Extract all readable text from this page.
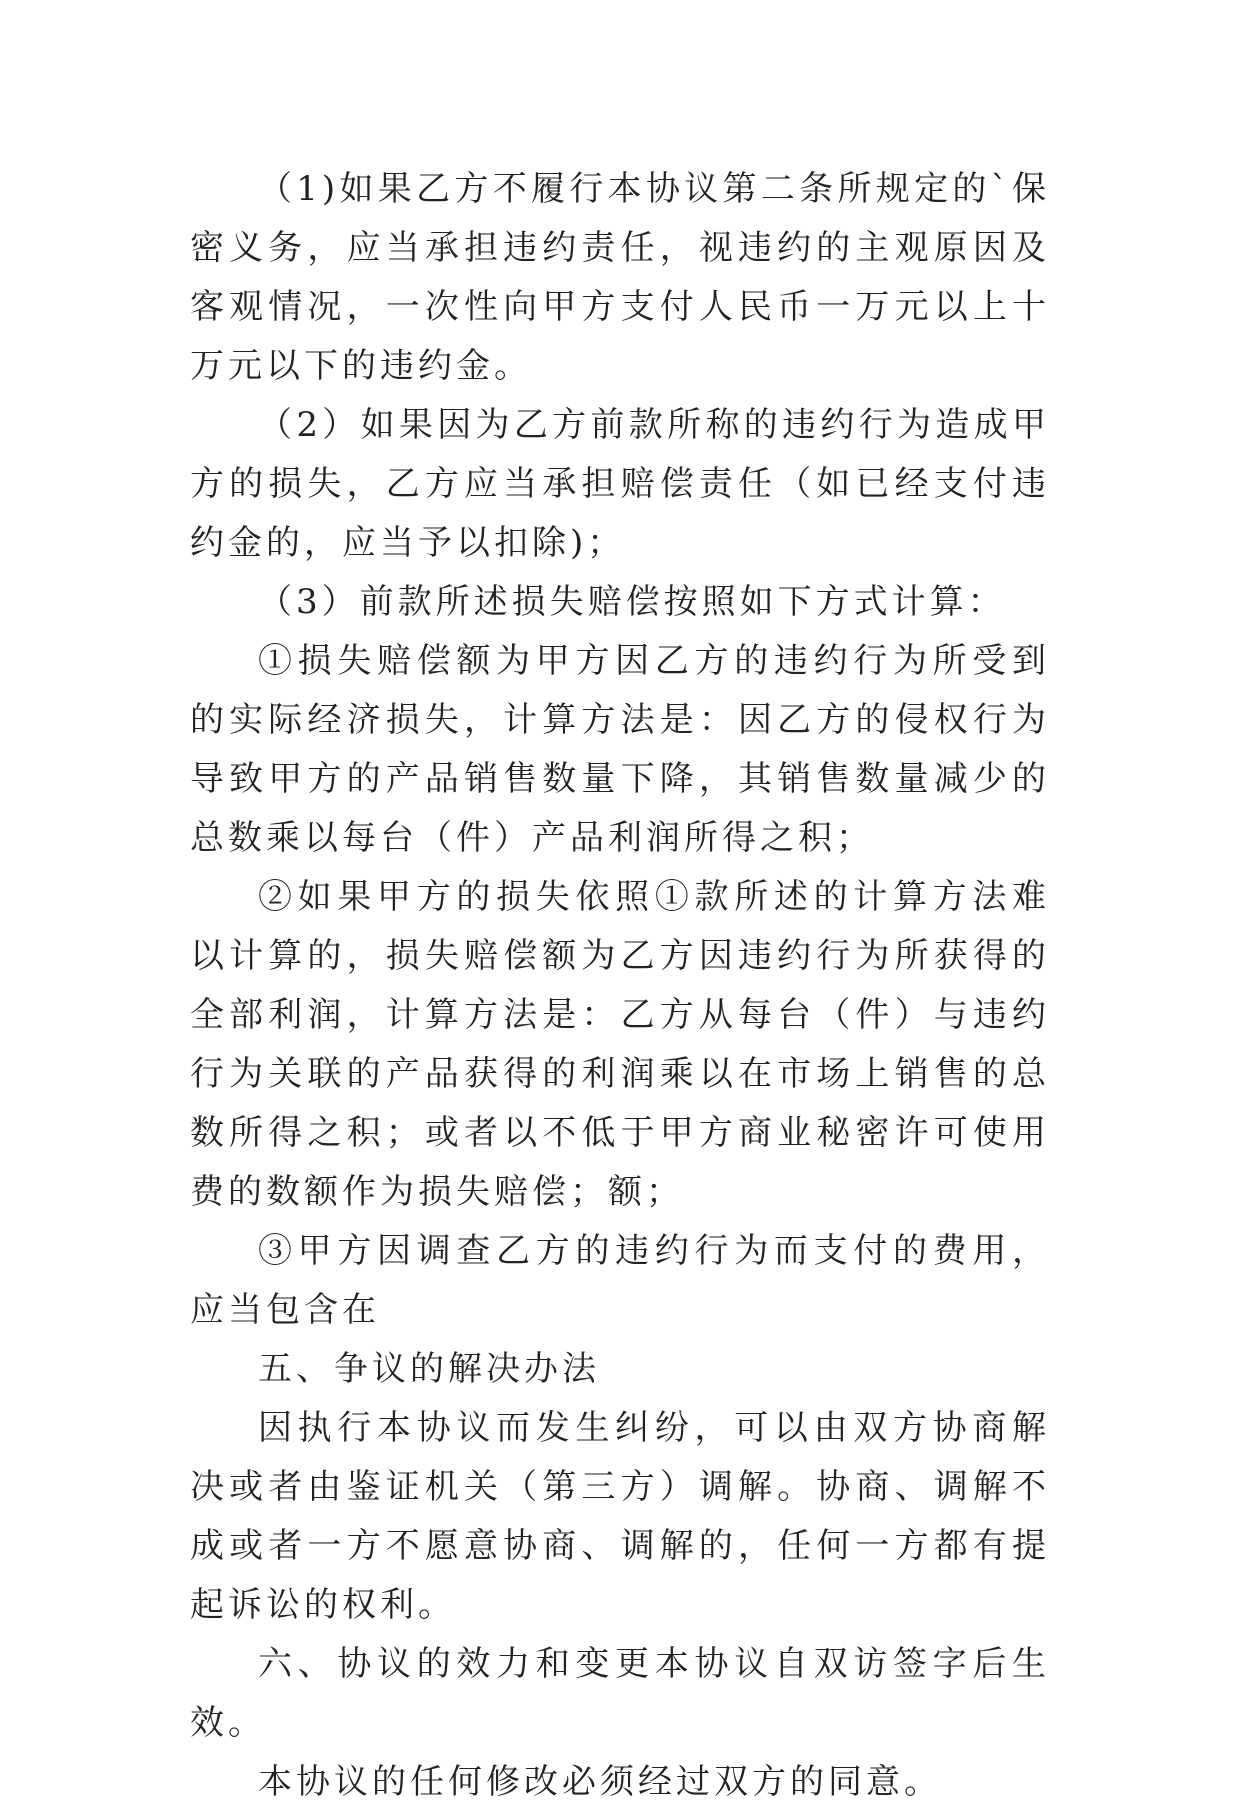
（1)如果乙方不履行本协议第二条所规定的`保密义务，应当承担违约责任，视违约的主观原因及客观情况，一次性向甲方支付人民币一万元以上十万元以下的违约金。

（2）如果因为乙方前款所称的违约行为造成甲方的损失，乙方应当承担赔偿责任（如已经支付违约金的，应当予以扣除)；

（3）前款所述损失赔偿按照如下方式计算：

①损失赔偿额为甲方因乙方的违约行为所受到的实际经济损失，计算方法是：因乙方的侵权行为导致甲方的产品销售数量下降，其销售数量减少的总数乘以每台（件）产品利润所得之积；

②如果甲方的损失依照①款所述的计算方法难以计算的，损失赔偿额为乙方因违约行为所获得的全部利润，计算方法是：乙方从每台（件）与违约行为关联的产品获得的利润乘以在市场上销售的总数所得之积；或者以不低于甲方商业秘密许可使用费的数额作为损失赔偿；额；

③甲方因调查乙方的违约行为而支付的费用，应当包含在

五、争议的解决办法

因执行本协议而发生纠纷，可以由双方协商解决或者由鉴证机关（第三方）调解。协商、调解不成或者一方不愿意协商、调解的，任何一方都有提起诉讼的权利。

六、协议的效力和变更本协议自双访签字后生效。

本协议的任何修改必须经过双方的同意。
